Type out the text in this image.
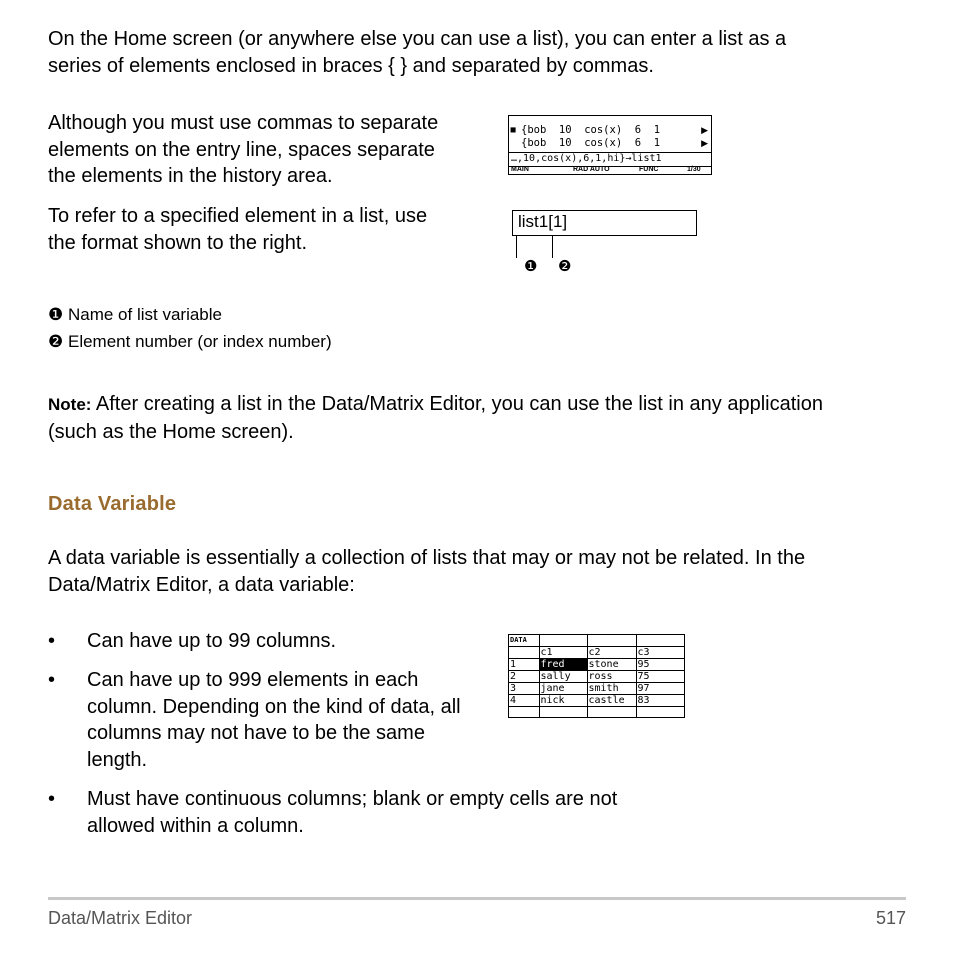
On the Home screen (or anywhere else you can use a list), you can enter a list as a

series of elements enclosed in braces { } and separated by commas.

Although you must use commas to separate

elements on the entry line, spaces separate

the elements in the history area.

■ {bob  10  cos(x)  6  1	▶
{bob  10  cos(x)  6  1	▶
…,10,cos(x),6,1,hi}→list1
MAIN	RAD AUTO	FUNC	1/30

To refer to a specified element in a list, use

the format shown to the right.

list1[1]
❶ ❷
❶ Name of list variable
❷ Element number (or index number)

Note: After creating a list in the Data/Matrix Editor, you can use the list in any application

(such as the Home screen).

Data Variable

A data variable is essentially a collection of lists that may or may not be related. In the

Data/Matrix Editor, a data variable:

• Can have up to 99 columns.

• Can have up to 999 elements in each

column. Depending on the kind of data, all

columns may not have to be the same

length.

• Must have continuous columns; blank or empty cells are not

allowed within a column.

DATA			
	c1	c2	c3
1	fred	stone	95
2	sally	ross	75
3	jane	smith	97
4	nick	castle	83

Data/Matrix Editor	517
